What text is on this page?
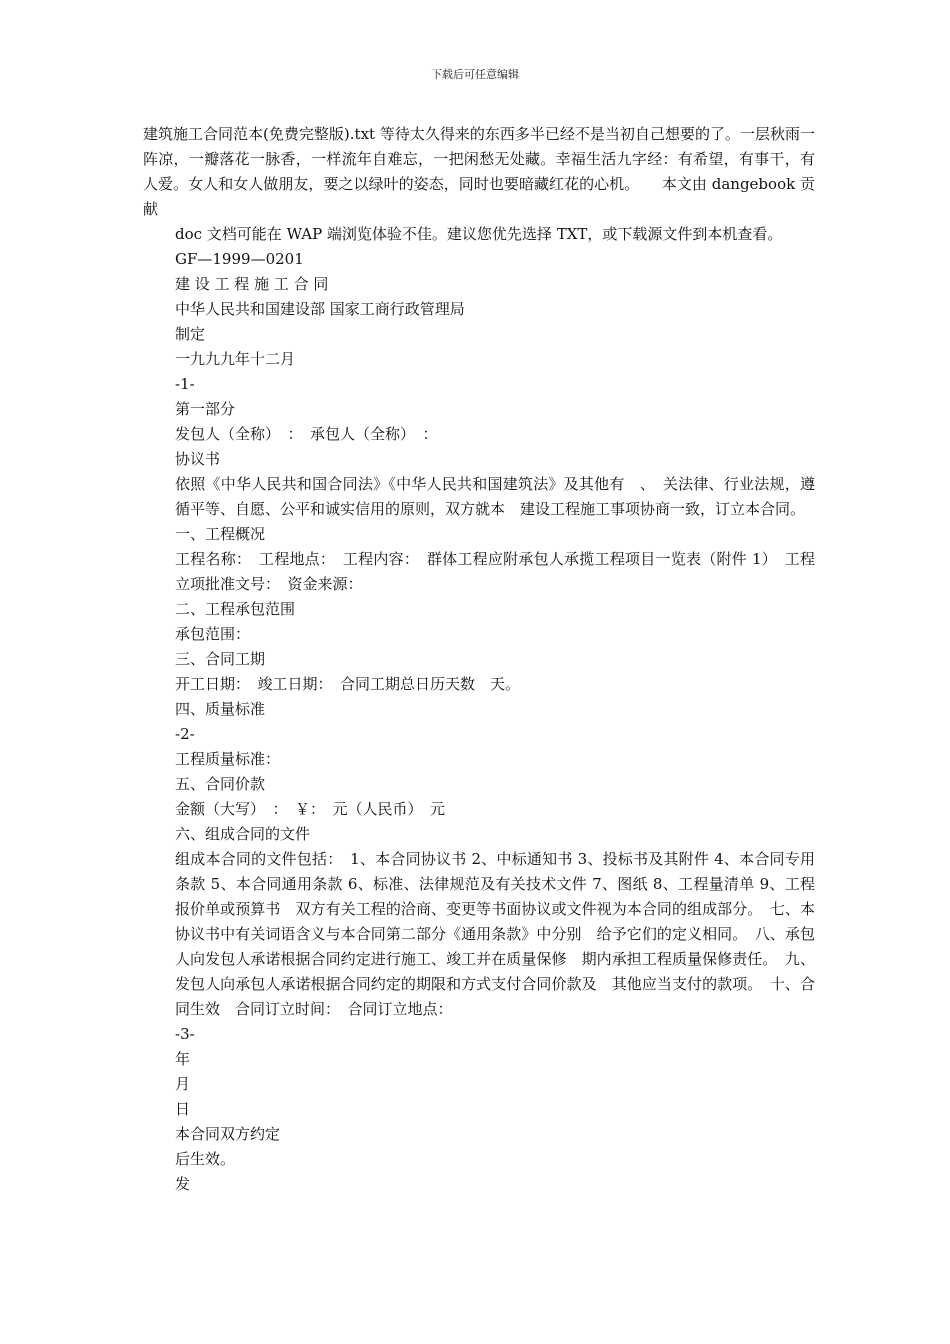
下载后可任意编辑

建筑施工合同范本(免费完整版).txt 等待太久得来的东西多半已经不是当初自己想要的了。一层秋雨一阵凉，一瓣落花一脉香，一样流年自难忘，一把闲愁无处藏。幸福生活九字经：有希望，有事干，有人爱。女人和女人做朋友，要之以绿叶的姿态，同时也要暗藏红花的心机。　　本文由 dangebook 贡献

doc 文档可能在 WAP 端浏览体验不佳。建议您优先选择 TXT，或下载源文件到本机查看。

GF—1999—0201

建 设 工 程 施 工 合 同

中华人民共和国建设部 国家工商行政管理局

制定

一九九九年十二月

-1-

第一部分

发包人（全称）　：　承包人（全称）　：

协议书

依照《中华人民共和国合同法》《中华人民共和国建筑法》及其他有　、　关法律、行业法规，遵循平等、自愿、公平和诚实信用的原则，双方就本　建设工程施工事项协商一致，订立本合同。

一、工程概况

工程名称：　工程地点：　工程内容：　群体工程应附承包人承揽工程项目一览表（附件 1）　工程立项批准文号：　资金来源：

二、工程承包范围

承包范围：

三、合同工期

开工日期：　竣工日期：　合同工期总日历天数　天。

四、质量标准

-2-

工程质量标准：

五、合同价款

金额（大写）　：　￥：　元（人民币）　元

六、组成合同的文件

组成本合同的文件包括：　1、本合同协议书 2、中标通知书 3、投标书及其附件 4、本合同专用条款 5、本合同通用条款 6、标准、法律规范及有关技术文件 7、图纸 8、工程量清单 9、工程报价单或预算书　双方有关工程的洽商、变更等书面协议或文件视为本合同的组成部分。　七、本协议书中有关词语含义与本合同第二部分《通用条款》中分别　给予它们的定义相同。　八、承包人向发包人承诺根据合同约定进行施工、竣工并在质量保修　期内承担工程质量保修责任。　九、发包人向承包人承诺根据合同约定的期限和方式支付合同价款及　其他应当支付的款项。　十、合同生效　合同订立时间：　合同订立地点：

-3-

年

月

日

本合同双方约定

后生效。

发
